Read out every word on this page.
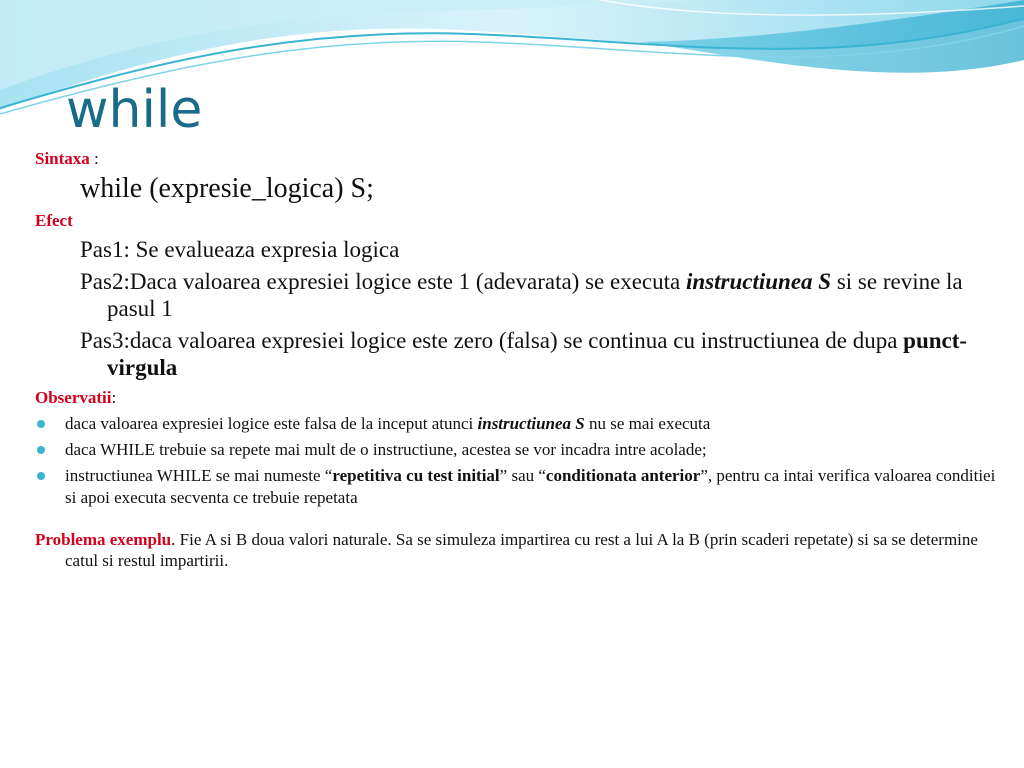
while
Sintaxa :
while (expresie_logica) S;
Efect
Pas1: Se evalueaza expresia logica
Pas2:Daca valoarea expresiei logice este 1 (adevarata) se executa instructiunea S si se revine la pasul 1
Pas3:daca valoarea expresiei logice este zero (falsa) se continua cu instructiunea de dupa punct-virgula
Observatii:
daca valoarea expresiei logice este falsa de la inceput atunci instructiunea S nu se mai executa
daca WHILE trebuie sa repete mai mult de o instructiune, acestea se vor incadra intre acolade;
instructiunea WHILE se mai numeste “repetitiva cu test initial” sau “conditionata anterior”, pentru ca intai verifica valoarea conditiei si apoi executa secventa ce trebuie repetata
Problema exemplu. Fie A si B doua valori naturale. Sa se simuleza impartirea cu rest a lui A la B (prin scaderi repetate) si sa se determine catul si restul impartirii.
